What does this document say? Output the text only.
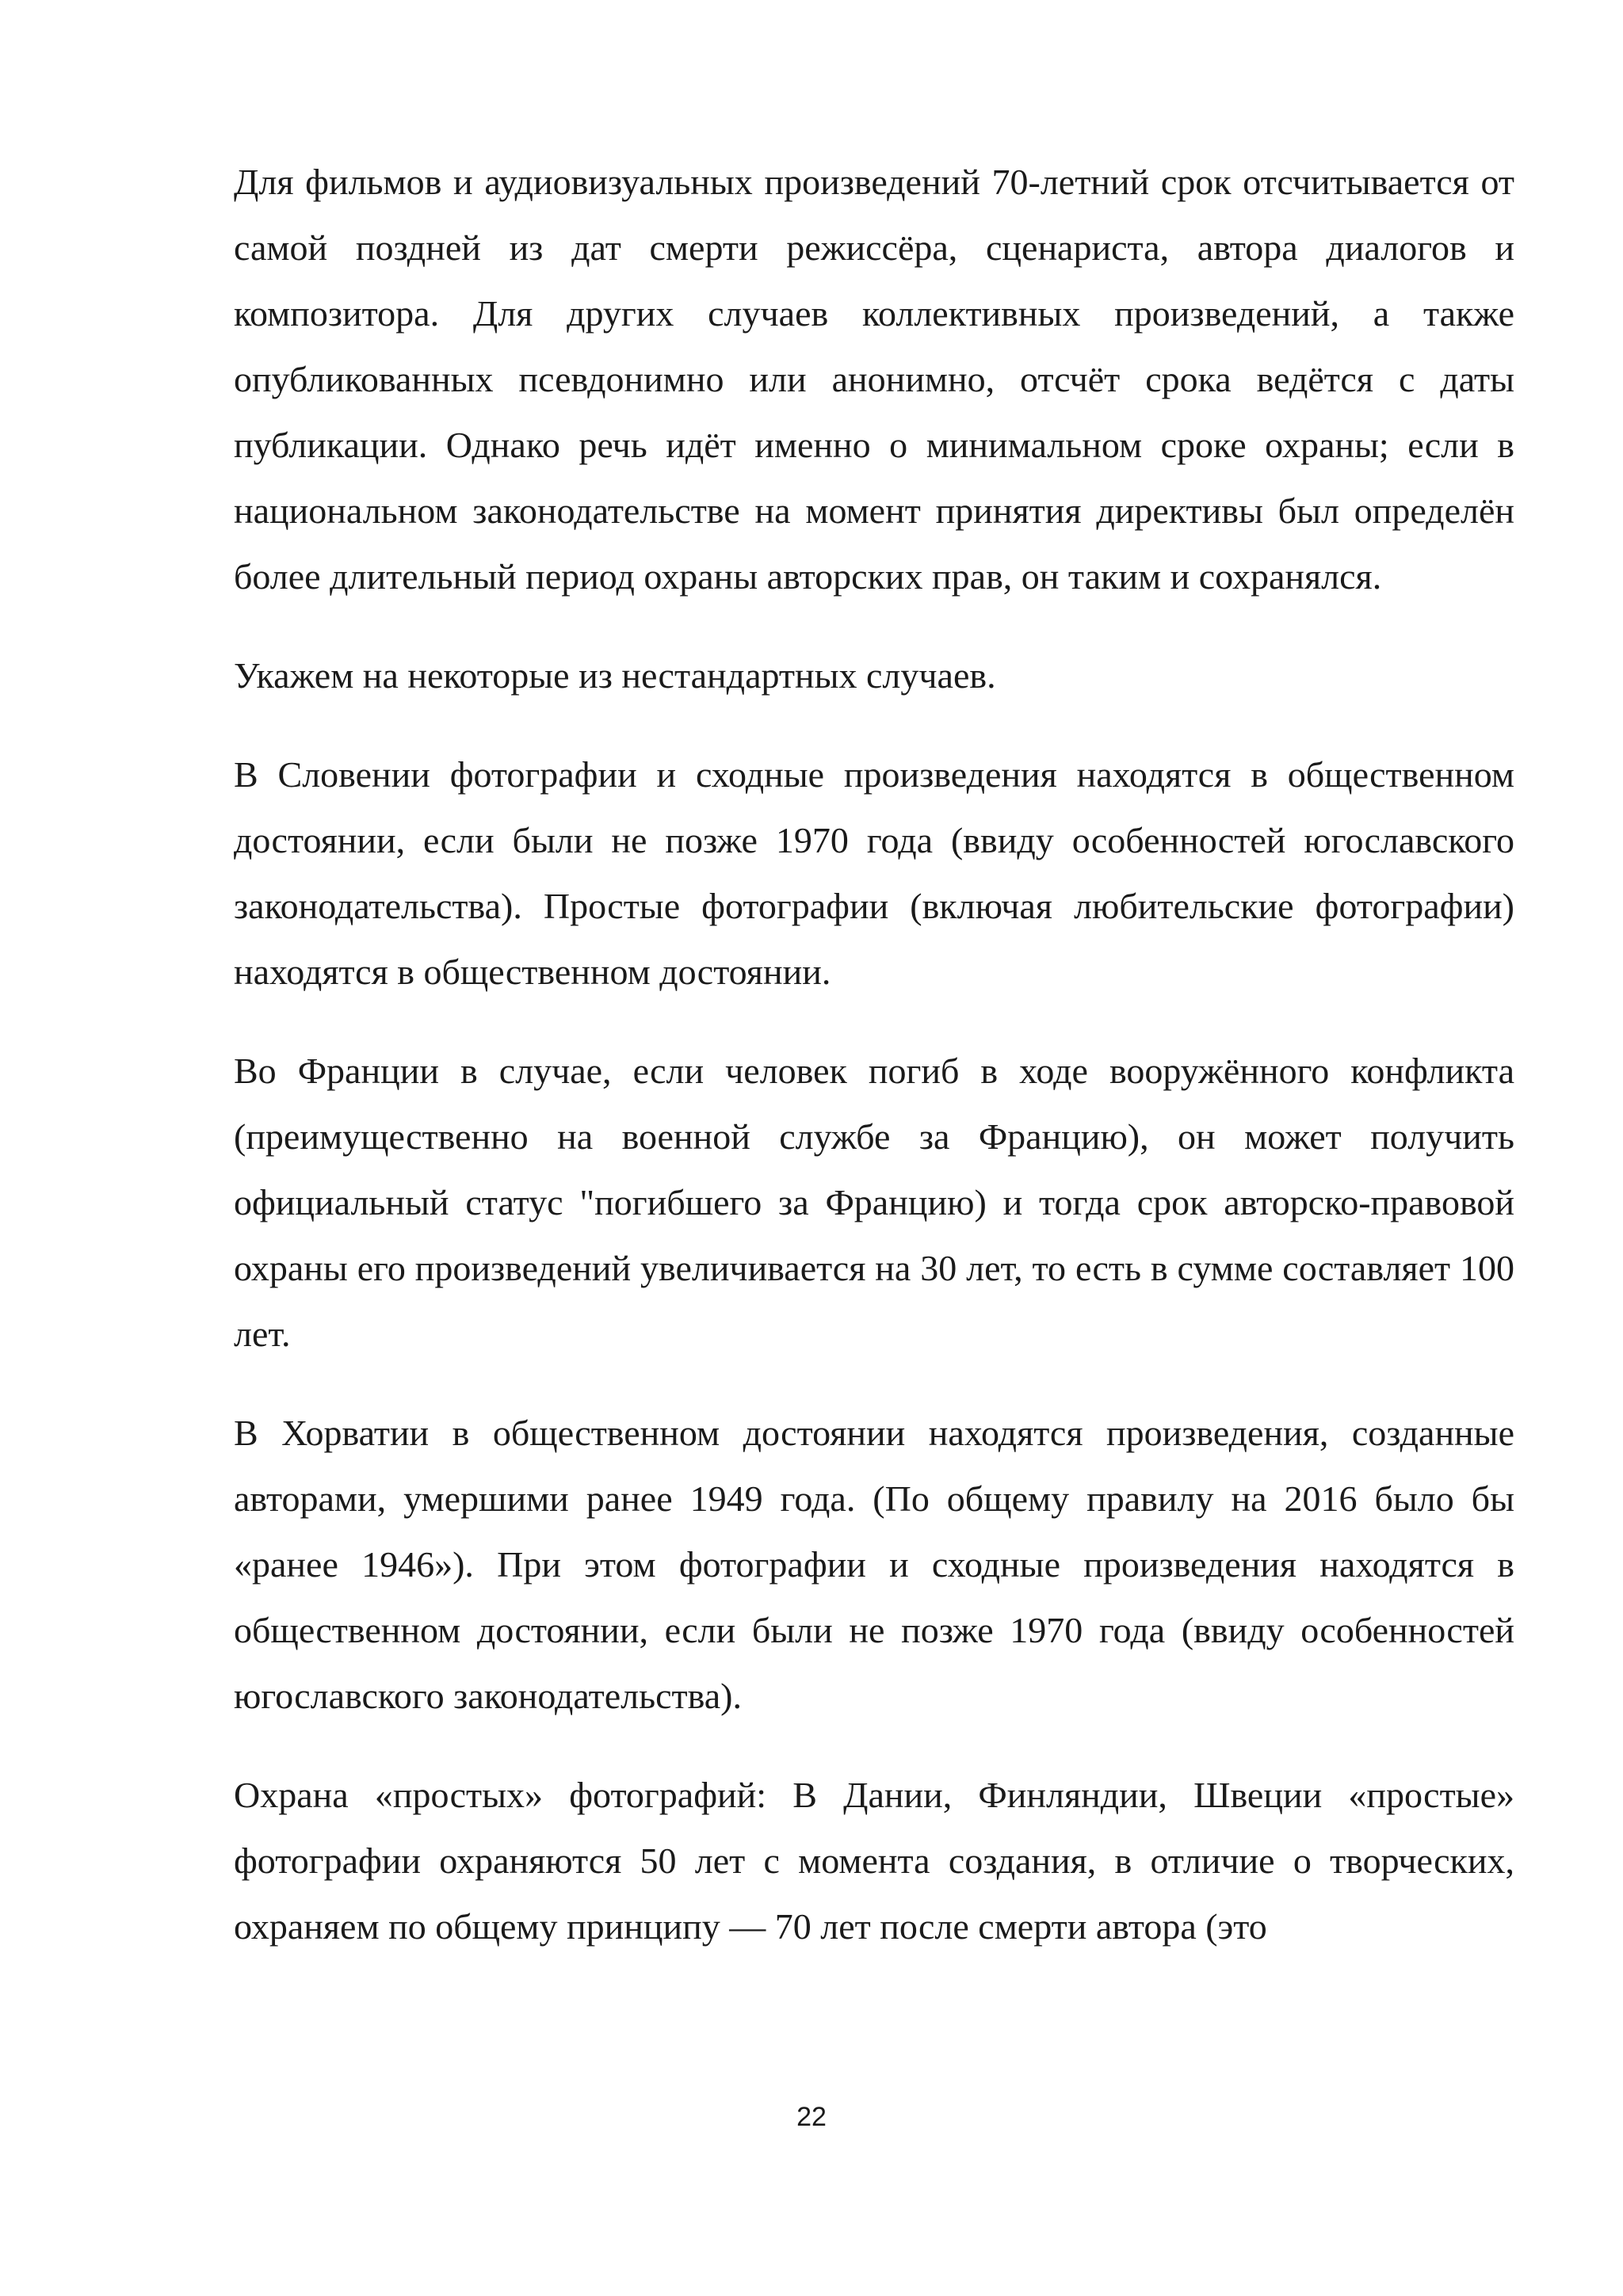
Для фильмов и аудиовизуальных произведений 70-летний срок отсчитывается от самой поздней из дат смерти режиссёра, сценариста, автора диалогов и композитора. Для других случаев коллективных произведений, а также опубликованных псевдонимно или анонимно, отсчёт срока ведётся с даты публикации. Однако речь идёт именно о минимальном сроке охраны; если в национальном законодательстве на момент принятия директивы был определён более длительный период охраны авторских прав, он таким и сохранялся.

Укажем на некоторые из нестандартных случаев.

В Словении фотографии и сходные произведения находятся в общественном достоянии, если были не позже 1970 года (ввиду особенностей югославского законодательства). Простые фотографии (включая любительские фотографии) находятся в общественном достоянии.

Во Франции в случае, если человек погиб в ходе вооружённого конфликта (преимущественно на военной службе за Францию), он может получить официальный статус "погибшего за Францию) и тогда срок авторско-правовой охраны его произведений увеличивается на 30 лет, то есть в сумме составляет 100 лет.

В Хорватии в общественном достоянии находятся произведения, созданные авторами, умершими ранее 1949 года. (По общему правилу на 2016 было бы «ранее 1946»). При этом фотографии и сходные произведения находятся в общественном достоянии, если были не позже 1970 года (ввиду особенностей югославского законодательства).

Охрана «простых» фотографий: В Дании, Финляндии, Швеции «простые» фотографии охраняются 50 лет с момента создания, в отличие о творческих, охраняем по общему принципу — 70 лет после смерти автора (это

22
